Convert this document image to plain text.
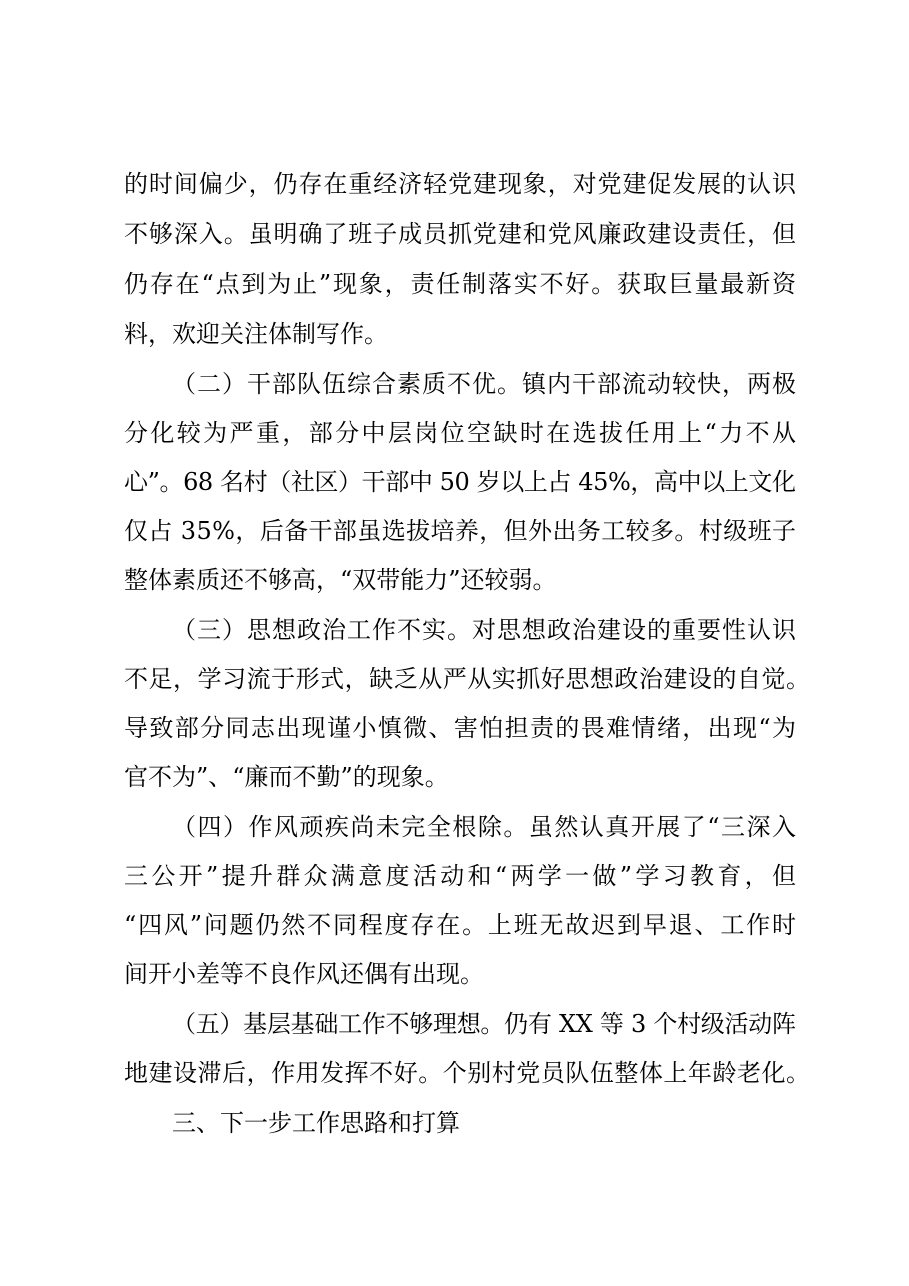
的时间偏少，仍存在重经济轻党建现象，对党建促发展的认识
不够深入。虽明确了班子成员抓党建和党风廉政建设责任，但
仍存在“点到为止”现象，责任制落实不好。获取巨量最新资
料，欢迎关注体制写作。
（二）干部队伍综合素质不优。镇内干部流动较快，两极
分化较为严重，部分中层岗位空缺时在选拔任用上“力不从
心”。68 名村（社区）干部中 50 岁以上占 45%，高中以上文化
仅占 35%，后备干部虽选拔培养，但外出务工较多。村级班子
整体素质还不够高，“双带能力”还较弱。
（三）思想政治工作不实。对思想政治建设的重要性认识
不足，学习流于形式，缺乏从严从实抓好思想政治建设的自觉。
导致部分同志出现谨小慎微、害怕担责的畏难情绪，出现“为
官不为”、“廉而不勤”的现象。
（四）作风顽疾尚未完全根除。虽然认真开展了“三深入
三公开”提升群众满意度活动和“两学一做”学习教育，但
“四风”问题仍然不同程度存在。上班无故迟到早退、工作时
间开小差等不良作风还偶有出现。
（五）基层基础工作不够理想。仍有 XX 等 3 个村级活动阵
地建设滞后，作用发挥不好。个别村党员队伍整体上年龄老化。
三、下一步工作思路和打算
